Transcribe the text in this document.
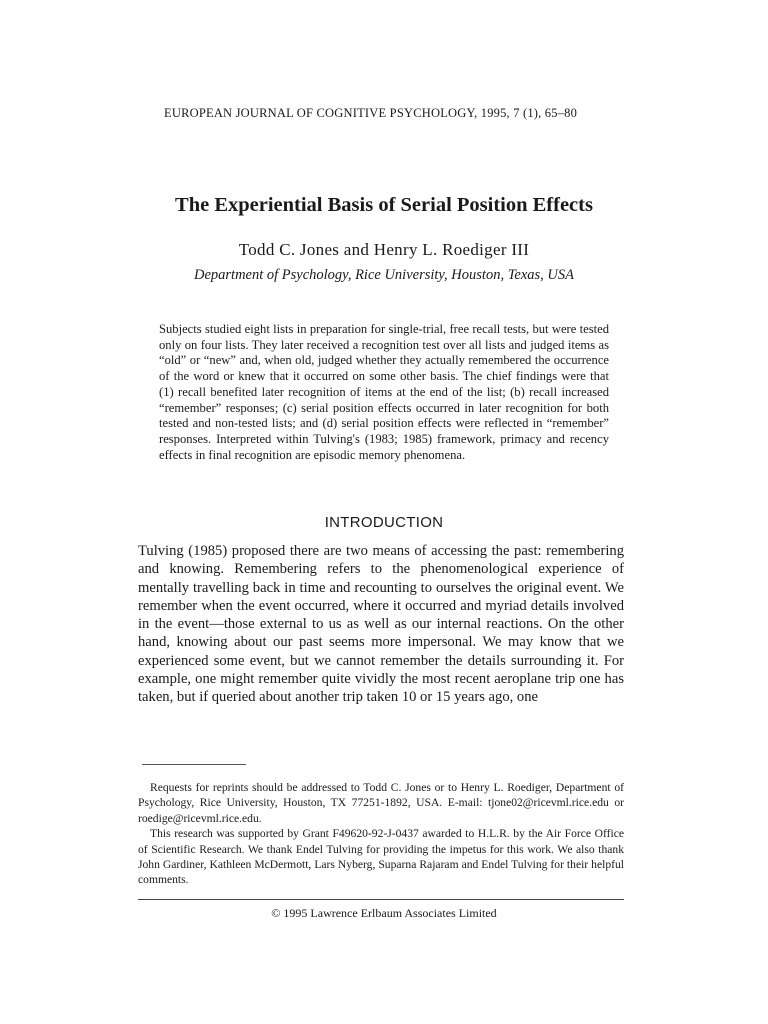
EUROPEAN JOURNAL OF COGNITIVE PSYCHOLOGY, 1995, 7 (1), 65–80
The Experiential Basis of Serial Position Effects
Todd C. Jones and Henry L. Roediger III
Department of Psychology, Rice University, Houston, Texas, USA

Subjects studied eight lists in preparation for single-trial, free recall tests, but were tested only on four lists. They later received a recognition test over all lists and judged items as “old” or “new” and, when old, judged whether they actually remembered the occurrence of the word or knew that it occurred on some other basis. The chief findings were that (1) recall benefited later recognition of items at the end of the list; (b) recall increased “remember” responses; (c) serial position effects occurred in later recognition for both tested and non-tested lists; and (d) serial position effects were reflected in “remember” responses. Interpreted within Tulving's (1983; 1985) framework, primacy and recency effects in final recognition are episodic memory phenomena.

INTRODUCTION

Tulving (1985) proposed there are two means of accessing the past: remembering and knowing. Remembering refers to the phenomenological experience of mentally travelling back in time and recounting to ourselves the original event. We remember when the event occurred, where it occurred and myriad details involved in the event—those external to us as well as our internal reactions. On the other hand, knowing about our past seems more impersonal. We may know that we experienced some event, but we cannot remember the details surrounding it. For example, one might remember quite vividly the most recent aeroplane trip one has taken, but if queried about another trip taken 10 or 15 years ago, one

Requests for reprints should be addressed to Todd C. Jones or to Henry L. Roediger, Department of Psychology, Rice University, Houston, TX 77251-1892, USA. E-mail: tjone02@ricevml.rice.edu or roedige@ricevml.rice.edu.

This research was supported by Grant F49620-92-J-0437 awarded to H.L.R. by the Air Force Office of Scientific Research. We thank Endel Tulving for providing the impetus for this work. We also thank John Gardiner, Kathleen McDermott, Lars Nyberg, Suparna Rajaram and Endel Tulving for their helpful comments.

© 1995 Lawrence Erlbaum Associates Limited
